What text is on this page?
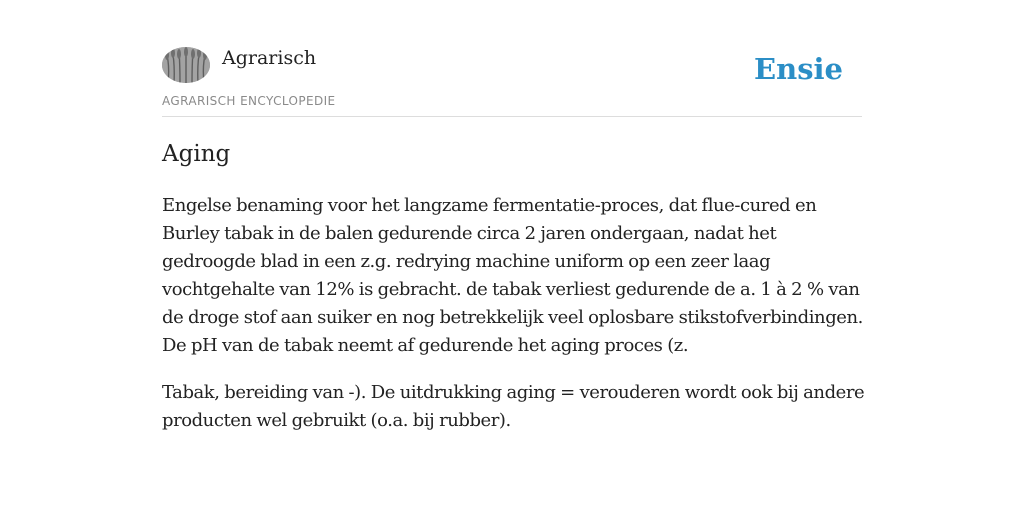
Agrarisch
AGRARISCH ENCYCLOPEDIE
Ensie
Aging

Engelse benaming voor het langzame fermentatie-proces, dat flue-cured en Burley tabak in de balen gedurende circa 2 jaren ondergaan, nadat het gedroogde blad in een z.g. redrying machine uniform op een zeer laag vochtgehalte van 12% is gebracht. de tabak verliest gedurende de a. 1 à 2 % van de droge stof aan suiker en nog betrekkelijk veel oplosbare stikstofverbindingen. De pH van de tabak neemt af gedurende het aging proces (z.

Tabak, bereiding van -). De uitdrukking aging = verouderen wordt ook bij andere producten wel gebruikt (o.a. bij rubber).
